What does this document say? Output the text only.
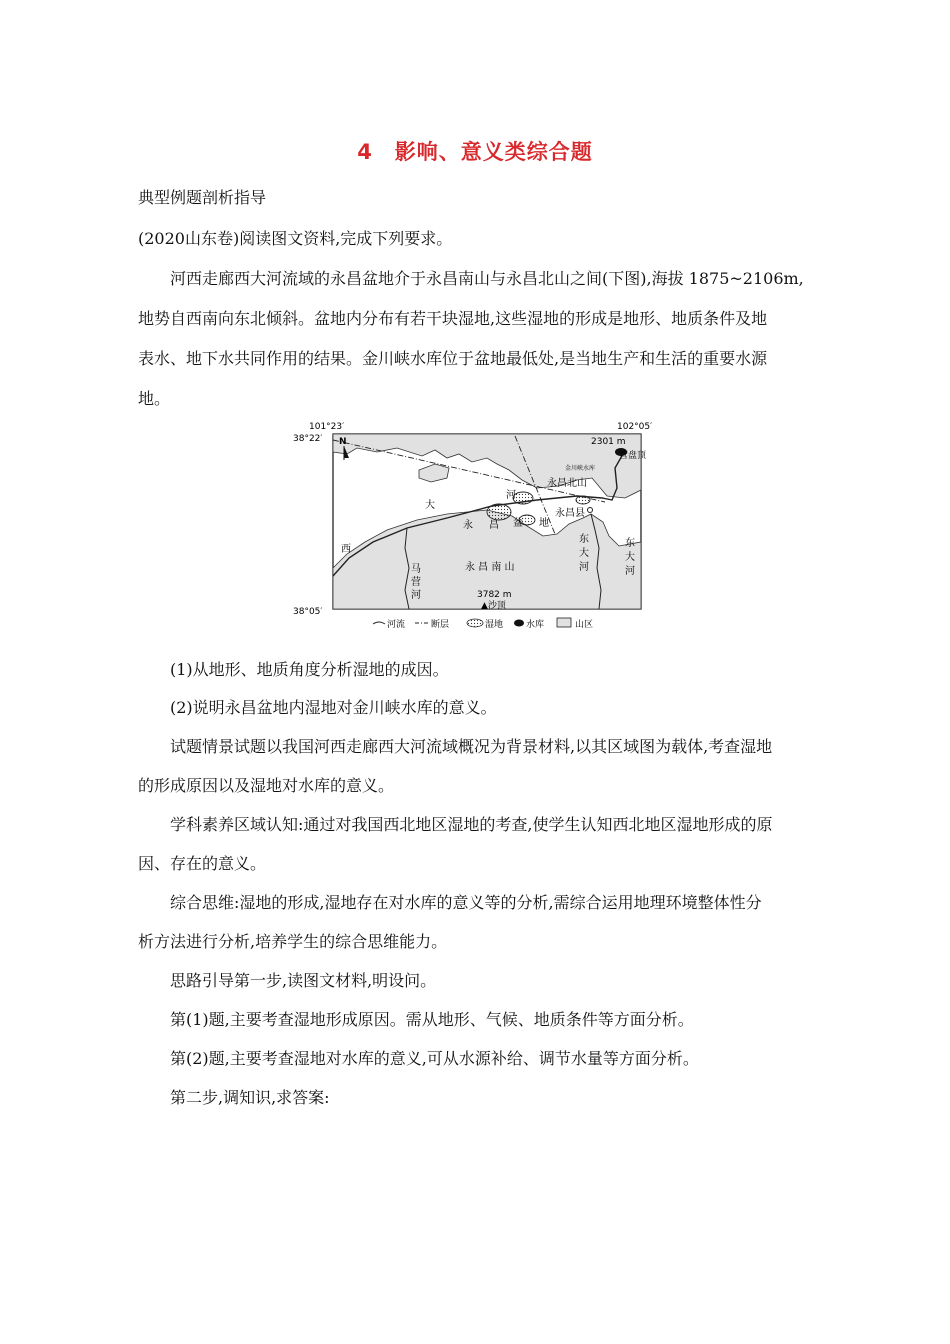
4　影响、意义类综合题
典型例题剖析指导
(2020山东卷)阅读图文资料,完成下列要求。
河西走廊西大河流域的永昌盆地介于永昌南山与永昌北山之间(下图),海拔 1875~2106m,
地势自西南向东北倾斜。盆地内分布有若干块湿地,这些湿地的形成是地形、地质条件及地
表水、地下水共同作用的结果。金川峡水库位于盆地最低处,是当地生产和生活的重要水源
地。
101°23′	102°05′
38°22′
38°05′
N	2301 m
营盘顶
金川峡水库
永昌北山
永昌县
永 昌 南 山
3782 m
▲沙顶
大
河
永 昌 盆 地
西
马
营
河
东
大
河
东
大
河
河流	断层	湿地	水库	山区
(1)从地形、地质角度分析湿地的成因。
(2)说明永昌盆地内湿地对金川峡水库的意义。
试题情景试题以我国河西走廊西大河流域概况为背景材料,以其区域图为载体,考查湿地
的形成原因以及湿地对水库的意义。
学科素养区域认知:通过对我国西北地区湿地的考查,使学生认知西北地区湿地形成的原
因、存在的意义。
综合思维:湿地的形成,湿地存在对水库的意义等的分析,需综合运用地理环境整体性分
析方法进行分析,培养学生的综合思维能力。
思路引导第一步,读图文材料,明设问。
第(1)题,主要考查湿地形成原因。需从地形、气候、地质条件等方面分析。
第(2)题,主要考查湿地对水库的意义,可从水源补给、调节水量等方面分析。
第二步,调知识,求答案:
